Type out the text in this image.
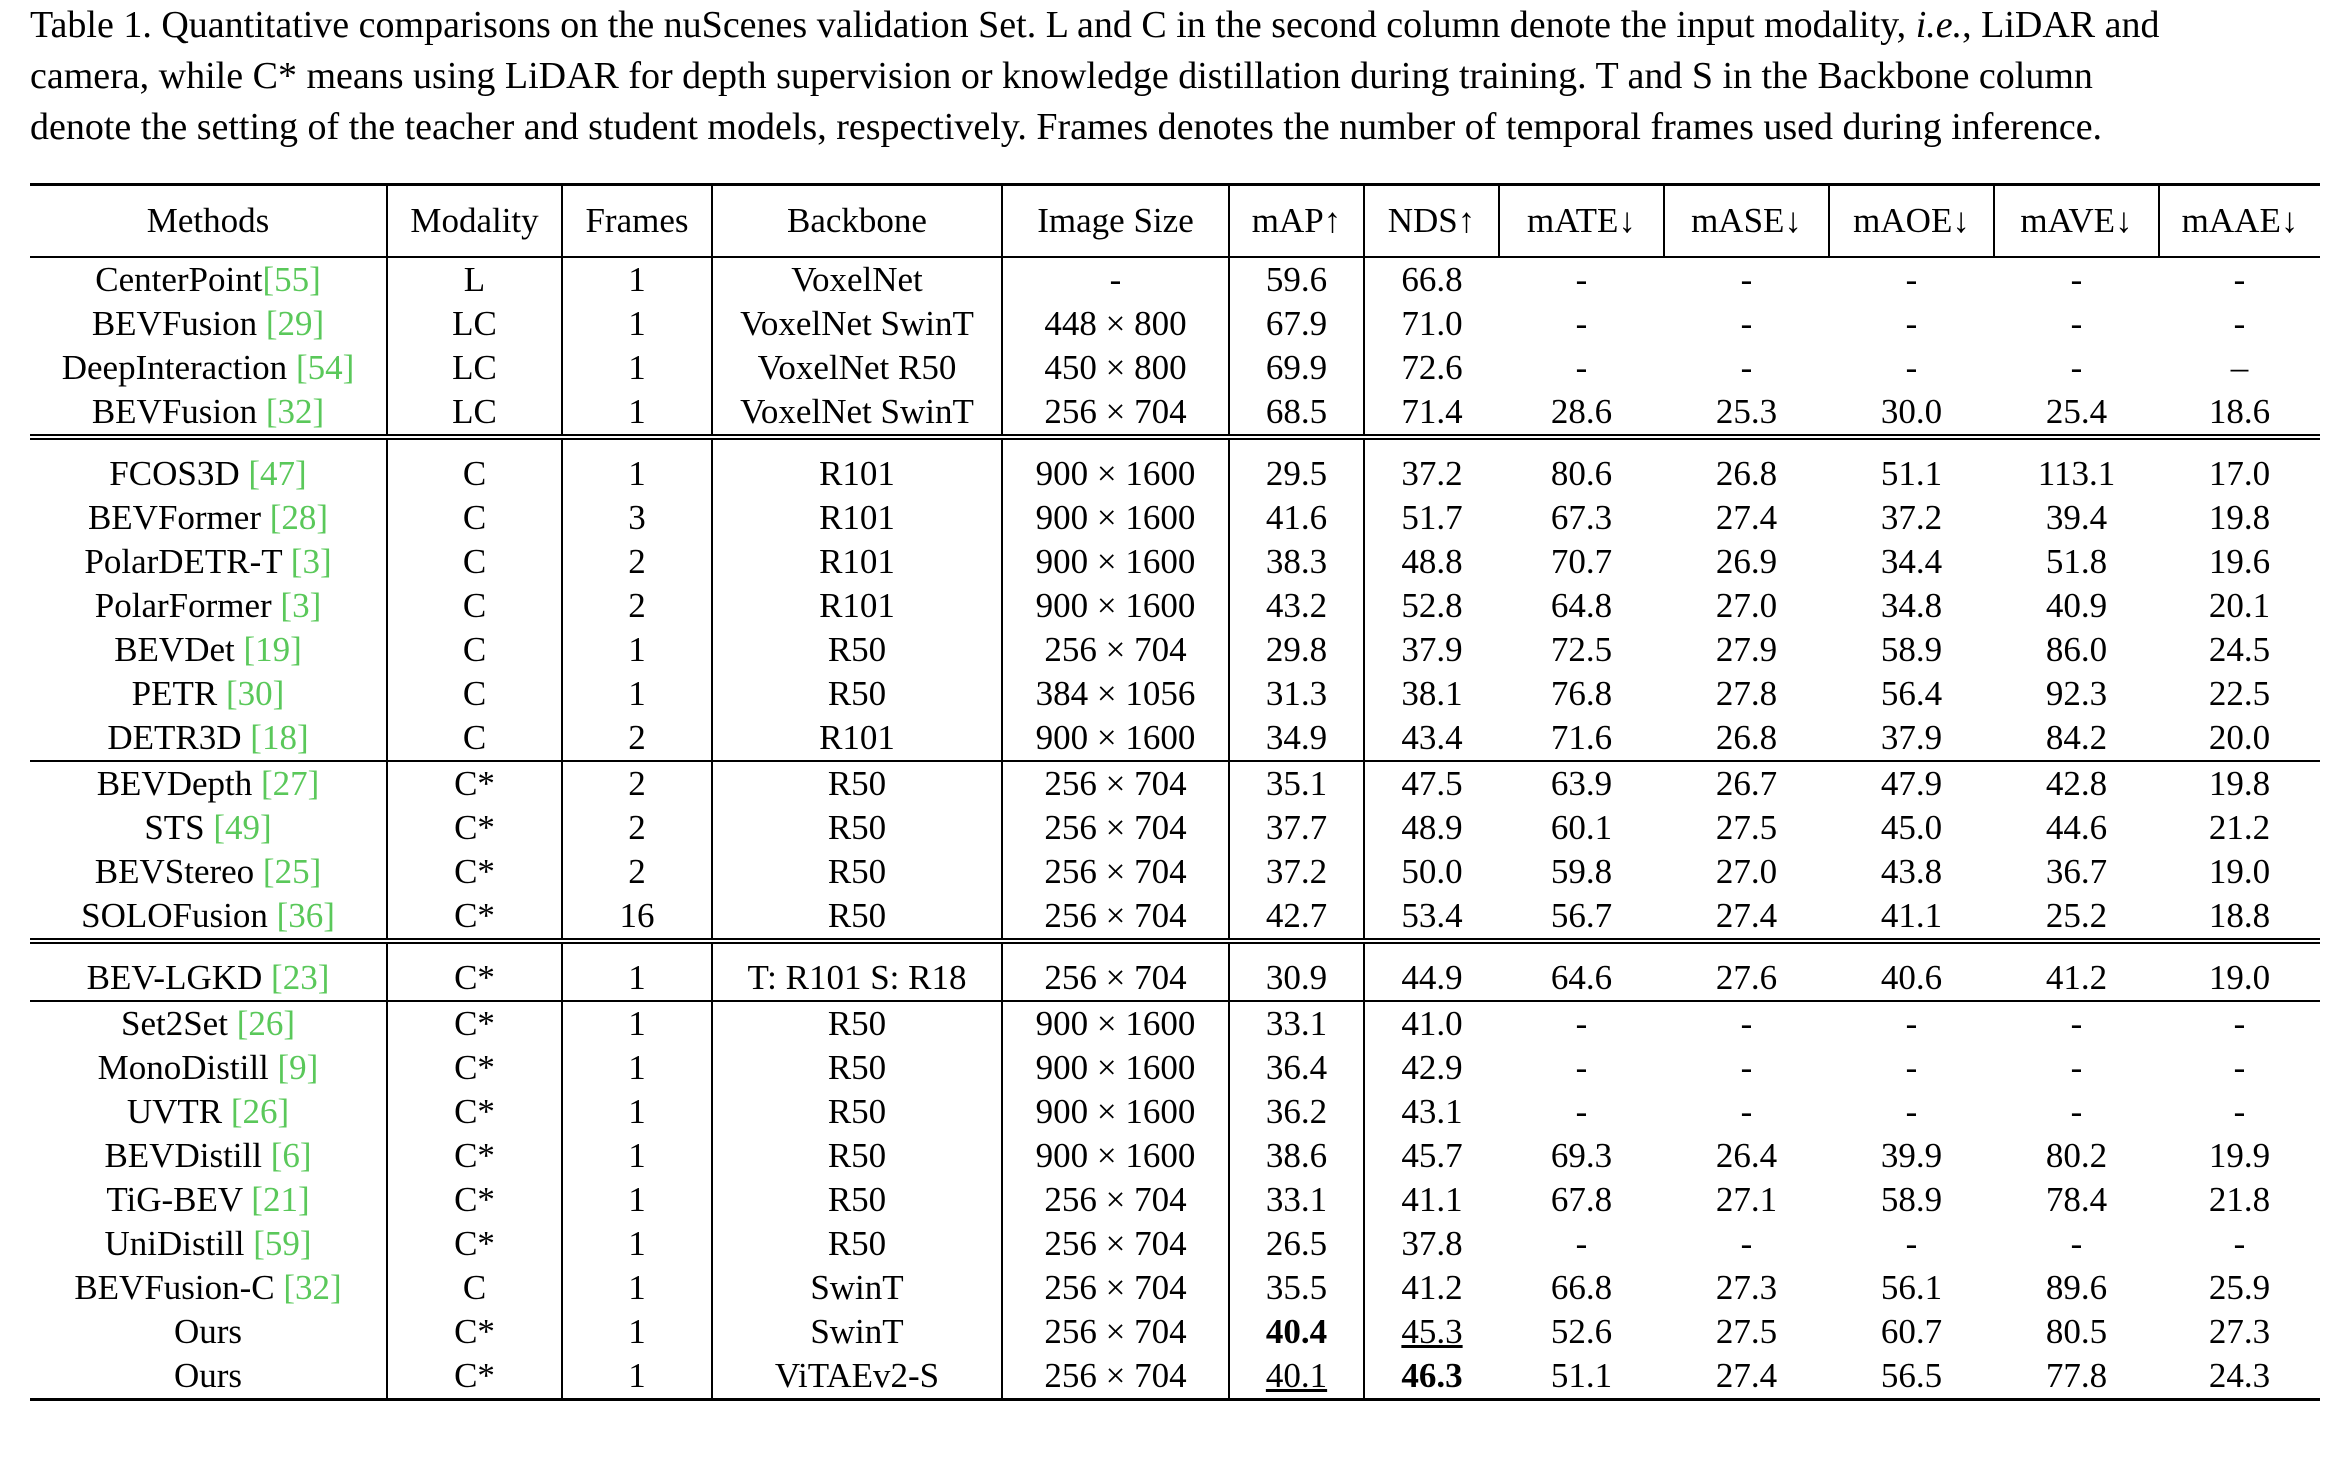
Table 1. Quantitative comparisons on the nuScenes validation Set. L and C in the second column denote the input modality, i.e., LiDAR and
camera, while C* means using LiDAR for depth supervision or knowledge distillation during training. T and S in the Backbone column
denote the setting of the teacher and student models, respectively. Frames denotes the number of temporal frames used during inference.
Methods	Modality	Frames	Backbone	Image Size	mAP↑	NDS↑	mATE↓	mASE↓	mAOE↓	mAVE↓	mAAE↓
CenterPoint[55]	L	1	VoxelNet	-	59.6	66.8	-	-	-	-	-
BEVFusion [29]	LC	1	VoxelNet SwinT	448 × 800	67.9	71.0	-	-	-	-	-
DeepInteraction [54]	LC	1	VoxelNet R50	450 × 800	69.9	72.6	-	-	-	-	–
BEVFusion [32]	LC	1	VoxelNet SwinT	256 × 704	68.5	71.4	28.6	25.3	30.0	25.4	18.6
FCOS3D [47]	C	1	R101	900 × 1600	29.5	37.2	80.6	26.8	51.1	113.1	17.0
BEVFormer [28]	C	3	R101	900 × 1600	41.6	51.7	67.3	27.4	37.2	39.4	19.8
PolarDETR-T [3]	C	2	R101	900 × 1600	38.3	48.8	70.7	26.9	34.4	51.8	19.6
PolarFormer [3]	C	2	R101	900 × 1600	43.2	52.8	64.8	27.0	34.8	40.9	20.1
BEVDet [19]	C	1	R50	256 × 704	29.8	37.9	72.5	27.9	58.9	86.0	24.5
PETR [30]	C	1	R50	384 × 1056	31.3	38.1	76.8	27.8	56.4	92.3	22.5
DETR3D [18]	C	2	R101	900 × 1600	34.9	43.4	71.6	26.8	37.9	84.2	20.0
BEVDepth [27]	C*	2	R50	256 × 704	35.1	47.5	63.9	26.7	47.9	42.8	19.8
STS [49]	C*	2	R50	256 × 704	37.7	48.9	60.1	27.5	45.0	44.6	21.2
BEVStereo [25]	C*	2	R50	256 × 704	37.2	50.0	59.8	27.0	43.8	36.7	19.0
SOLOFusion [36]	C*	16	R50	256 × 704	42.7	53.4	56.7	27.4	41.1	25.2	18.8
BEV-LGKD [23]	C*	1	T: R101 S: R18	256 × 704	30.9	44.9	64.6	27.6	40.6	41.2	19.0
Set2Set [26]	C*	1	R50	900 × 1600	33.1	41.0	-	-	-	-	-
MonoDistill [9]	C*	1	R50	900 × 1600	36.4	42.9	-	-	-	-	-
UVTR [26]	C*	1	R50	900 × 1600	36.2	43.1	-	-	-	-	-
BEVDistill [6]	C*	1	R50	900 × 1600	38.6	45.7	69.3	26.4	39.9	80.2	19.9
TiG-BEV [21]	C*	1	R50	256 × 704	33.1	41.1	67.8	27.1	58.9	78.4	21.8
UniDistill [59]	C*	1	R50	256 × 704	26.5	37.8	-	-	-	-	-
BEVFusion-C [32]	C	1	SwinT	256 × 704	35.5	41.2	66.8	27.3	56.1	89.6	25.9
Ours	C*	1	SwinT	256 × 704	40.4	45.3	52.6	27.5	60.7	80.5	27.3
Ours	C*	1	ViTAEv2-S	256 × 704	40.1	46.3	51.1	27.4	56.5	77.8	24.3
